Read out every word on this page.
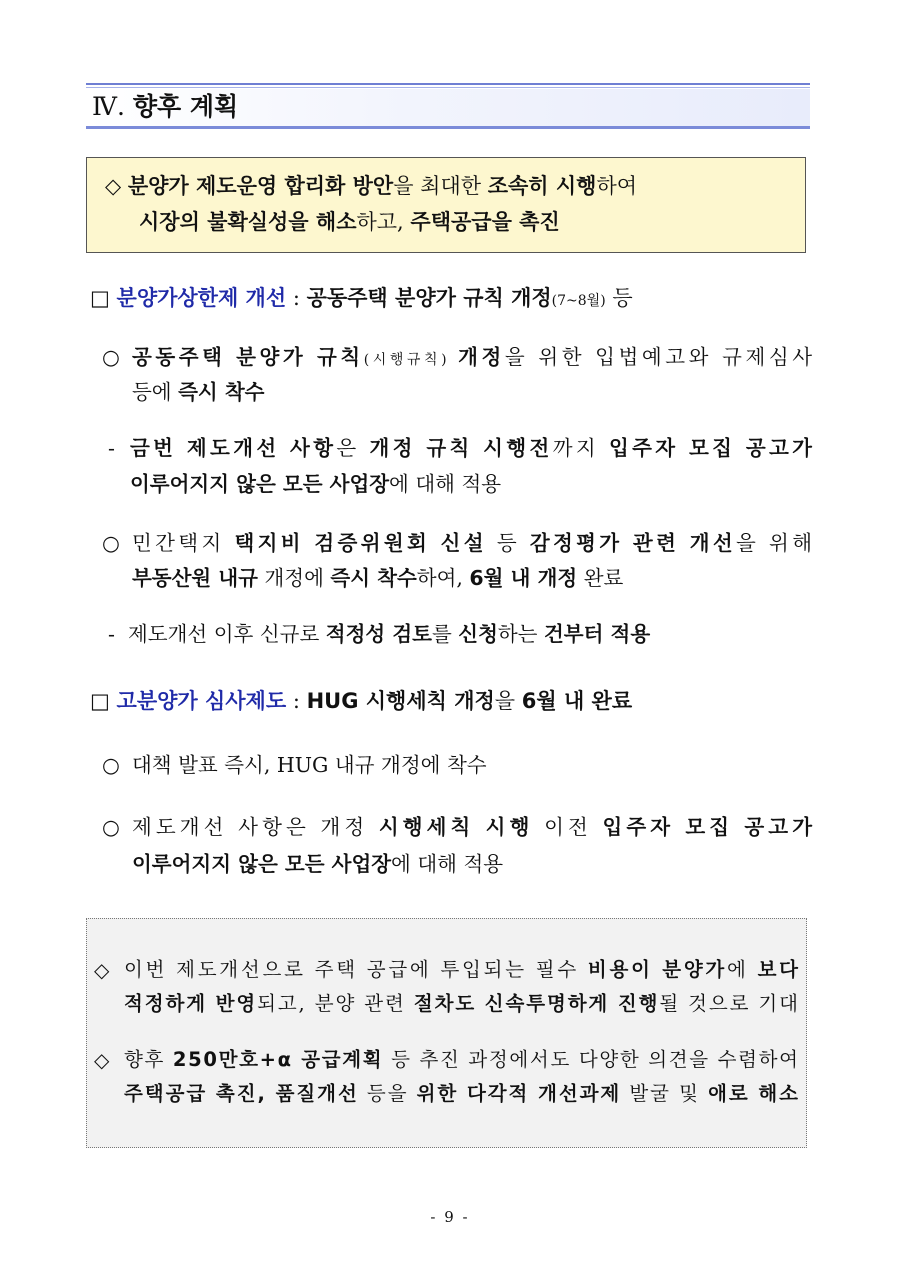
Ⅳ. 향후 계획
◇ 분양가 제도운영 합리화 방안을 최대한 조속히 시행하여
시장의 불확실성을 해소하고, 주택공급을 촉진
□ 분양가상한제 개선 : 공동주택 분양가 규칙 개정(7~8월) 등
○ 공동주택 분양가 규칙(시행규칙) 개정을 위한 입법예고와 규제심사
등에 즉시 착수
- 금번 제도개선 사항은 개정 규칙 시행전까지 입주자 모집 공고가
이루어지지 않은 모든 사업장에 대해 적용
○ 민간택지 택지비 검증위원회 신설 등 감정평가 관련 개선을 위해
부동산원 내규 개정에 즉시 착수하여, 6월 내 개정 완료
- 제도개선 이후 신규로 적정성 검토를 신청하는 건부터 적용
□ 고분양가 심사제도 : HUG 시행세칙 개정을 6월 내 완료
○ 대책 발표 즉시, HUG 내규 개정에 착수
○ 제도개선 사항은 개정 시행세칙 시행 이전 입주자 모집 공고가
이루어지지 않은 모든 사업장에 대해 적용
◇ 이번 제도개선으로 주택 공급에 투입되는 필수 비용이 분양가에 보다
적정하게 반영되고, 분양 관련 절차도 신속투명하게 진행될 것으로 기대
◇ 향후 250만호+α 공급계획 등 추진 과정에서도 다양한 의견을 수렴하여
주택공급 촉진, 품질개선 등을 위한 다각적 개선과제 발굴 및 애로 해소
- 9 -
